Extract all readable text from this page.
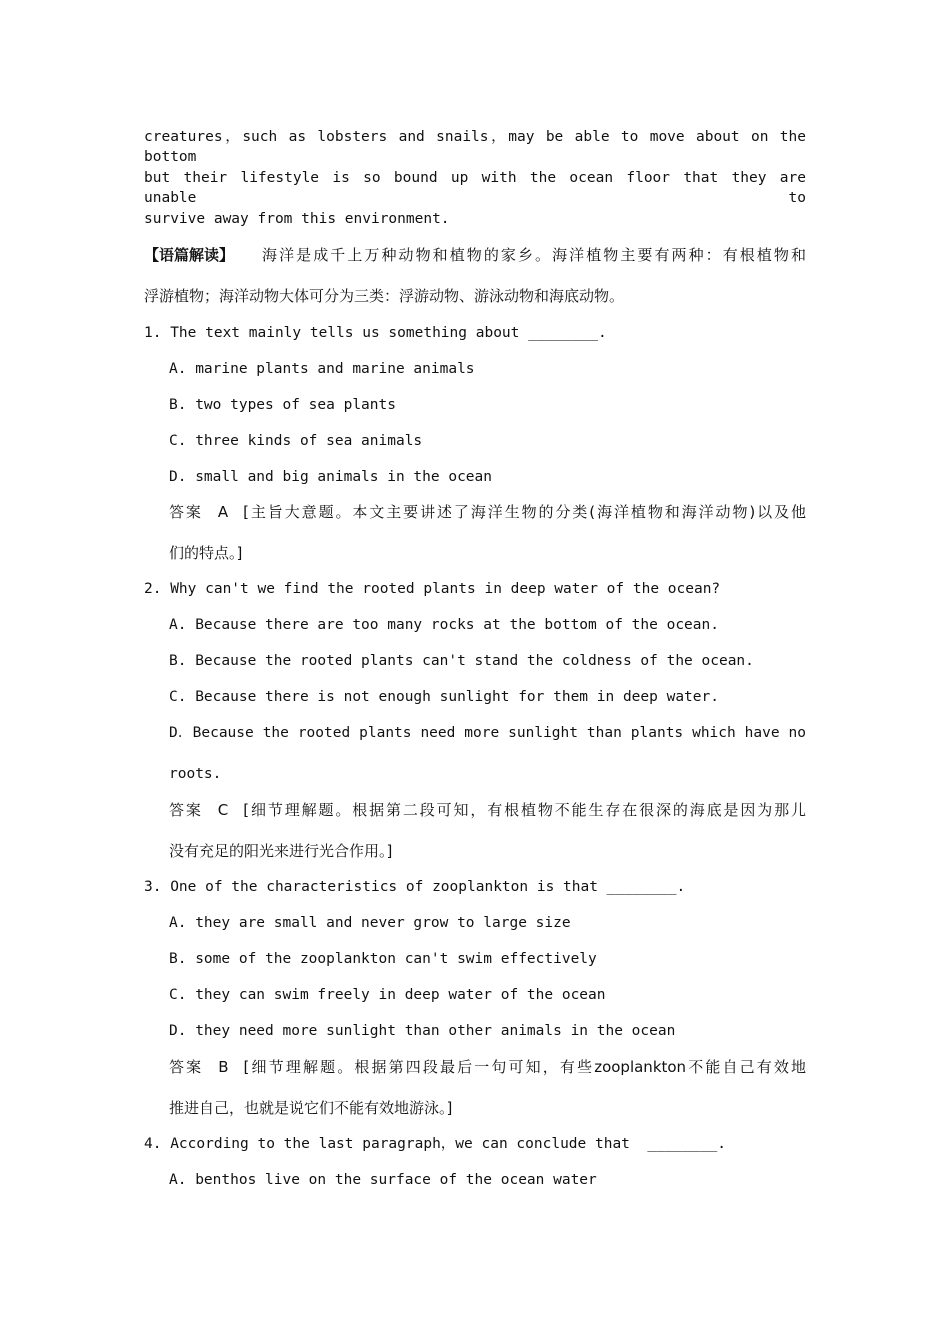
creatures，such as lobsters and snails，may be able to move about on the bottom
but their lifestyle is so bound up with the ocean floor that they are unable to
survive away from this environment.
【语篇解读】 海洋是成千上万种动物和植物的家乡。海洋植物主要有两种：有根植物和
浮游植物；海洋动物大体可分为三类：浮游动物、游泳动物和海底动物。
1. The text mainly tells us something about ________.
A. marine plants and marine animals
B. two types of sea plants
C. three kinds of sea animals
D. small and big animals in the ocean
答案 A [主旨大意题。本文主要讲述了海洋生物的分类(海洋植物和海洋动物)以及他
们的特点。]
2. Why can't we find the rooted plants in deep water of the ocean?
A. Because there are too many rocks at the bottom of the ocean.
B. Because the rooted plants can't stand the coldness of the ocean.
C. Because there is not enough sunlight for them in deep water.
D．Because the rooted plants need more sunlight than plants which have no
roots.
答案 C [细节理解题。根据第二段可知，有根植物不能生存在很深的海底是因为那儿
没有充足的阳光来进行光合作用。]
3. One of the characteristics of zooplankton is that ________.
A. they are small and never grow to large size
B. some of the zooplankton can't swim effectively
C. they can swim freely in deep water of the ocean
D. they need more sunlight than other animals in the ocean
答案 B [细节理解题。根据第四段最后一句可知，有些zooplankton不能自己有效地
推进自己，也就是说它们不能有效地游泳。]
4. According to the last paragraph，we can conclude that  ________.
A. benthos live on the surface of the ocean water
